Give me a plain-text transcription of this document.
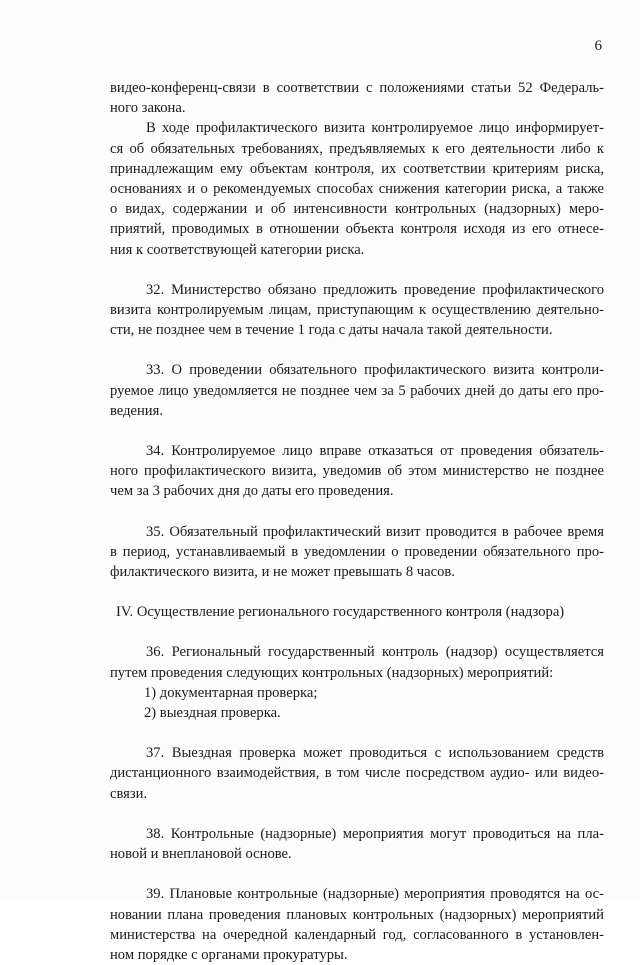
6
видео-конференц-связи в соответствии с положениями статьи 52 Федераль-
ного закона.
В ходе профилактического визита контролируемое лицо информирует-
ся об обязательных требованиях, предъявляемых к его деятельности либо к
принадлежащим ему объектам контроля, их соответствии критериям риска,
основаниях и о рекомендуемых способах снижения категории риска, а также
о видах, содержании и об интенсивности контрольных (надзорных) меро-
приятий, проводимых в отношении объекта контроля исходя из его отнесе-
ния к соответствующей категории риска.
32. Министерство обязано предложить проведение профилактического
визита контролируемым лицам, приступающим к осуществлению деятельно-
сти, не позднее чем в течение 1 года с даты начала такой деятельности.
33. О проведении обязательного профилактического визита контроли-
руемое лицо уведомляется не позднее чем за 5 рабочих дней до даты его про-
ведения.
34. Контролируемое лицо вправе отказаться от проведения обязатель-
ного профилактического визита, уведомив об этом министерство не позднее
чем за 3 рабочих дня до даты его проведения.
35. Обязательный профилактический визит проводится в рабочее время
в период, устанавливаемый в уведомлении о проведении обязательного про-
филактического визита, и не может превышать 8 часов.
IV. Осуществление регионального государственного контроля (надзора)
36. Региональный государственный контроль (надзор) осуществляется
путем проведения следующих контрольных (надзорных) мероприятий:
1) документарная проверка;
2) выездная проверка.
37. Выездная проверка может проводиться с использованием средств
дистанционного взаимодействия, в том числе посредством аудио- или видео-
связи.
38. Контрольные (надзорные) мероприятия могут проводиться на пла-
новой и внеплановой основе.
39. Плановые контрольные (надзорные) мероприятия проводятся на ос-
новании плана проведения плановых контрольных (надзорных) мероприятий
министерства на очередной календарный год, согласованного в установлен-
ном порядке с органами прокуратуры.
